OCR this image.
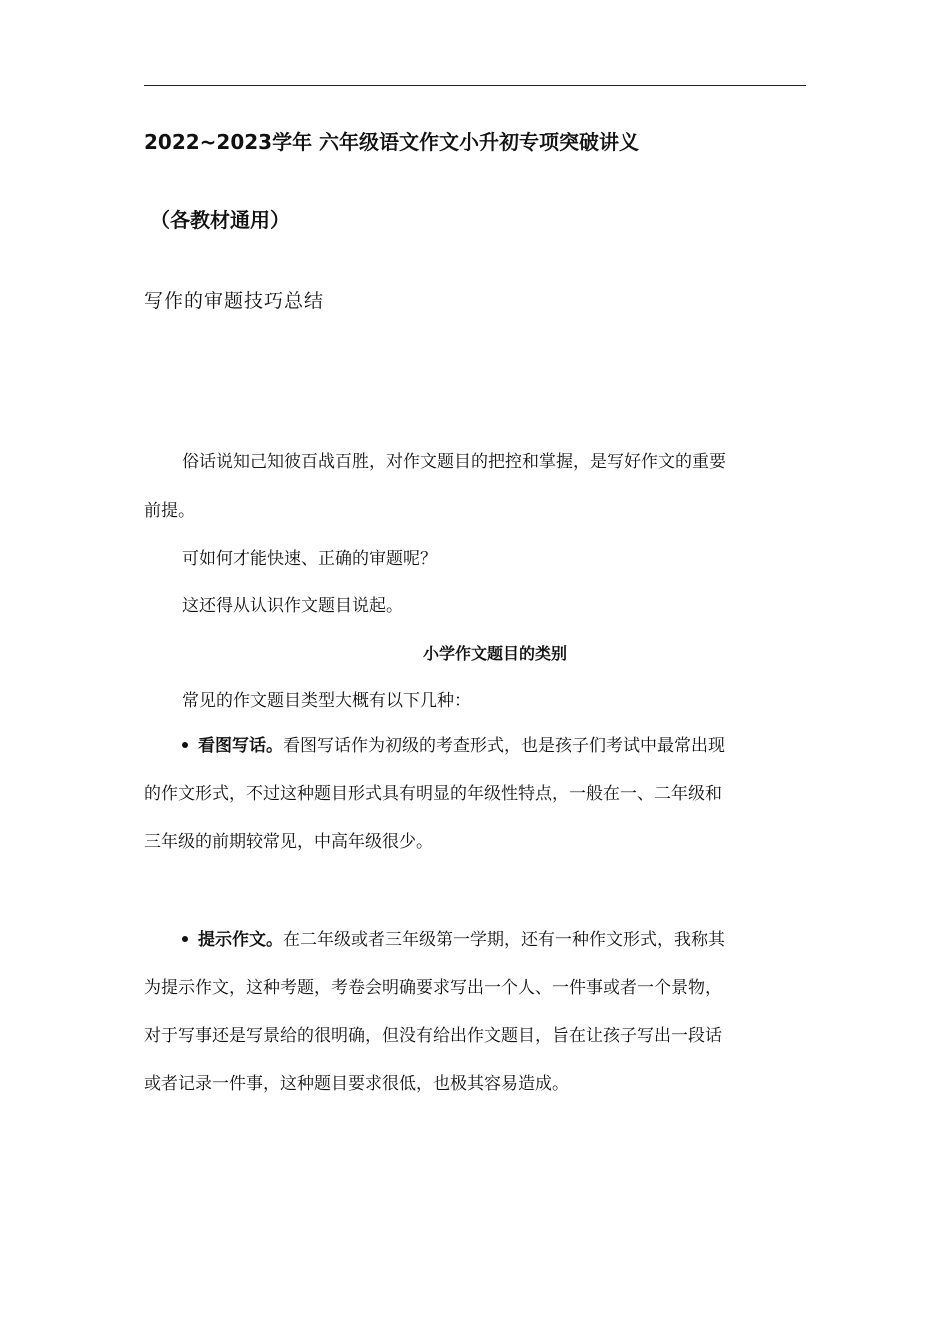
2022~2023学年 六年级语文作文小升初专项突破讲义
（各教材通用）
写作的审题技巧总结
俗话说知己知彼百战百胜，对作文题目的把控和掌握，是写好作文的重要
前提。
可如何才能快速、正确的审题呢？
这还得从认识作文题目说起。
小学作文题目的类别
常见的作文题目类型大概有以下几种：
看图写话。看图写话作为初级的考查形式，也是孩子们考试中最常出现
的作文形式，不过这种题目形式具有明显的年级性特点，一般在一、二年级和
三年级的前期较常见，中高年级很少。
提示作文。在二年级或者三年级第一学期，还有一种作文形式，我称其
为提示作文，这种考题，考卷会明确要求写出一个人、一件事或者一个景物，
对于写事还是写景给的很明确，但没有给出作文题目，旨在让孩子写出一段话
或者记录一件事，这种题目要求很低，也极其容易造成。
